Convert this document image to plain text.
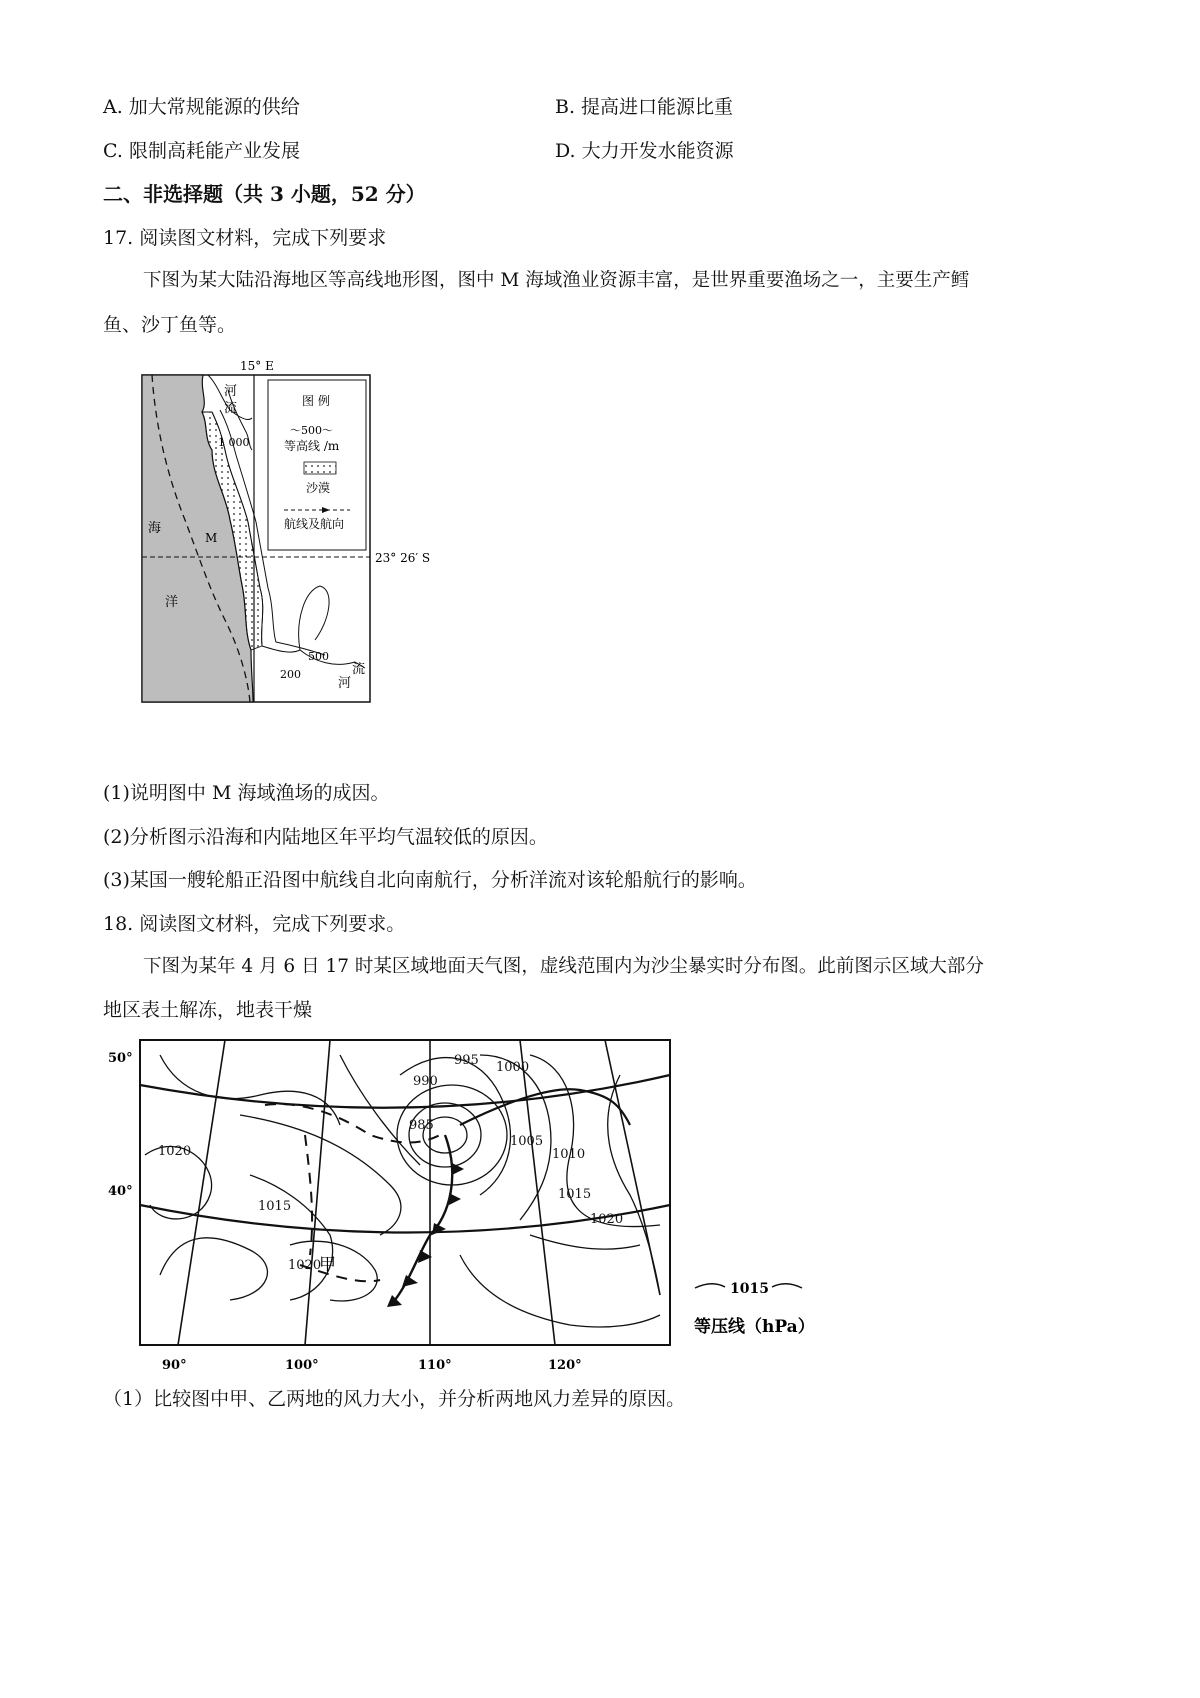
A. 加大常规能源的供给	B. 提高进口能源比重
C. 限制高耗能产业发展	D. 大力开发水能资源
二、非选择题（共 3 小题，52 分）
17. 阅读图文材料，完成下列要求
下图为某大陆沿海地区等高线地形图，图中 M 海域渔业资源丰富，是世界重要渔场之一，主要生产鳕
鱼、沙丁鱼等。
15° E
23° 26′ S
海
洋
M
河
流
1 000
500
200	流
河
图 例
～500～
等高线 /m
沙漠
航线及航向
(1)说明图中 M 海域渔场的成因。
(2)分析图示沿海和内陆地区年平均气温较低的原因。
(3)某国一艘轮船正沿图中航线自北向南航行，分析洋流对该轮船航行的影响。
18. 阅读图文材料，完成下列要求。
下图为某年 4 月 6 日 17 时某区域地面天气图，虚线范围内为沙尘暴实时分布图。此前图示区域大部分
地区表土解冻，地表干燥
50°
40°
90°	100°	110°	120°
995 1000
990
985
1020
1005
1010
1015
1015
1020
1020
甲
1015
等压线（hPa）
（1）比较图中甲、乙两地的风力大小，并分析两地风力差异的原因。
